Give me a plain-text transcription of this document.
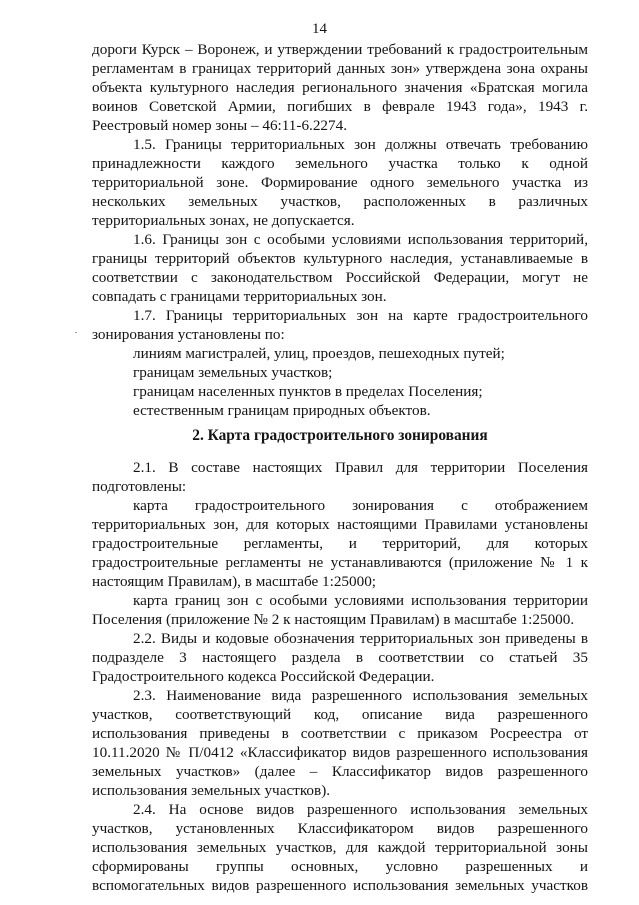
14
дороги Курск – Воронеж, и утверждении требований к градостроительным
регламентам в границах территорий данных зон» утверждена зона охраны
объекта культурного наследия регионального значения «Братская могила
воинов Советской Армии, погибших в феврале 1943 года», 1943 г.
Реестровый номер зоны – 46:11-6.2274.
1.5. Границы территориальных зон должны отвечать требованию
принадлежности каждого земельного участка только к одной
территориальной зоне. Формирование одного земельного участка из
нескольких земельных участков, расположенных в различных
территориальных зонах, не допускается.
1.6. Границы зон с особыми условиями использования территорий,
границы территорий объектов культурного наследия, устанавливаемые в
соответствии с законодательством Российской Федерации, могут не
совпадать с границами территориальных зон.
1.7. Границы территориальных зон на карте градостроительного
зонирования установлены по:
линиям магистралей, улиц, проездов, пешеходных путей;
границам земельных участков;
границам населенных пунктов в пределах Поселения;
естественным границам природных объектов.
2. Карта градостроительного зонирования
2.1. В составе настоящих Правил для территории Поселения
подготовлены:
карта градостроительного зонирования с отображением
территориальных зон, для которых настоящими Правилами установлены
градостроительные регламенты, и территорий, для которых
градостроительные регламенты не устанавливаются (приложение № 1 к
настоящим Правилам), в масштабе 1:25000;
карта границ зон с особыми условиями использования территории
Поселения (приложение № 2 к настоящим Правилам) в масштабе 1:25000.
2.2. Виды и кодовые обозначения территориальных зон приведены в
подразделе 3 настоящего раздела в соответствии со статьей 35
Градостроительного кодекса Российской Федерации.
2.3. Наименование вида разрешенного использования земельных
участков, соответствующий код, описание вида разрешенного
использования приведены в соответствии с приказом Росреестра от
10.11.2020 № П/0412 «Классификатор видов разрешенного использования
земельных участков» (далее – Классификатор видов разрешенного
использования земельных участков).
2.4. На основе видов разрешенного использования земельных
участков, установленных Классификатором видов разрешенного
использования земельных участков, для каждой территориальной зоны
сформированы группы основных, условно разрешенных и
вспомогательных видов разрешенного использования земельных участков
